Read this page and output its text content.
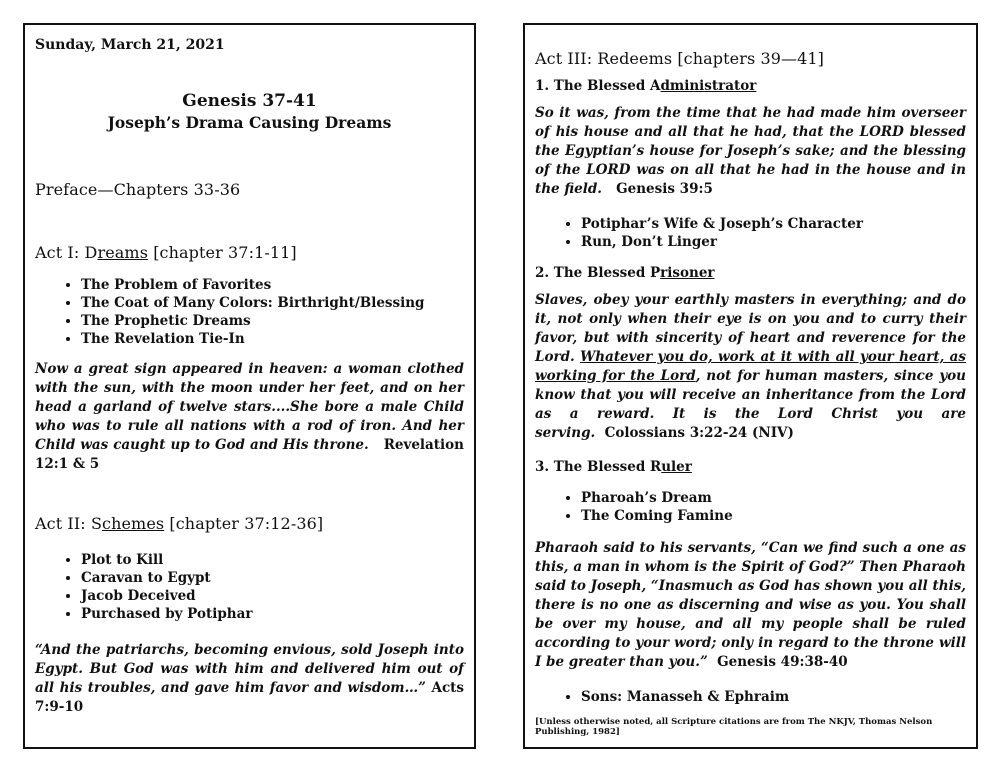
Sunday, March 21, 2021
Genesis 37-41
Joseph’s Drama Causing Dreams
Preface—Chapters 33-36
Act I: Dreams [chapter 37:1-11]
• The Problem of Favorites
• The Coat of Many Colors: Birthright/Blessing
• The Prophetic Dreams
• The Revelation Tie-In
Now a great sign appeared in heaven: a woman clothed with the sun, with the moon under her feet, and on her head a garland of twelve stars....She bore a male Child who was to rule all nations with a rod of iron. And her Child was caught up to God and His throne. Revelation 12:1 & 5
Act II: Schemes [chapter 37:12-36]
• Plot to Kill
• Caravan to Egypt
• Jacob Deceived
• Purchased by Potiphar
“And the patriarchs, becoming envious, sold Joseph into Egypt. But God was with him and delivered him out of all his troubles, and gave him favor and wisdom…” Acts 7:9-10
Act III: Redeems [chapters 39—41]
1. The Blessed Administrator
So it was, from the time that he had made him overseer of his house and all that he had, that the LORD blessed the Egyptian’s house for Joseph’s sake; and the blessing of the LORD was on all that he had in the house and in the field. Genesis 39:5
• Potiphar’s Wife & Joseph’s Character
• Run, Don’t Linger
2. The Blessed Prisoner
Slaves, obey your earthly masters in everything; and do it, not only when their eye is on you and to curry their favor, but with sincerity of heart and reverence for the Lord. Whatever you do, work at it with all your heart, as working for the Lord, not for human masters, since you know that you will receive an inheritance from the Lord as a reward. It is the Lord Christ you are serving. Colossians 3:22-24 (NIV)
3. The Blessed Ruler
• Pharoah’s Dream
• The Coming Famine
Pharaoh said to his servants, “Can we find such a one as this, a man in whom is the Spirit of God?” Then Pharaoh said to Joseph, “Inasmuch as God has shown you all this, there is no one as discerning and wise as you. You shall be over my house, and all my people shall be ruled according to your word; only in regard to the throne will I be greater than you.” Genesis 49:38-40
• Sons: Manasseh & Ephraim
[Unless otherwise noted, all Scripture citations are from The NKJV, Thomas Nelson Publishing, 1982]
